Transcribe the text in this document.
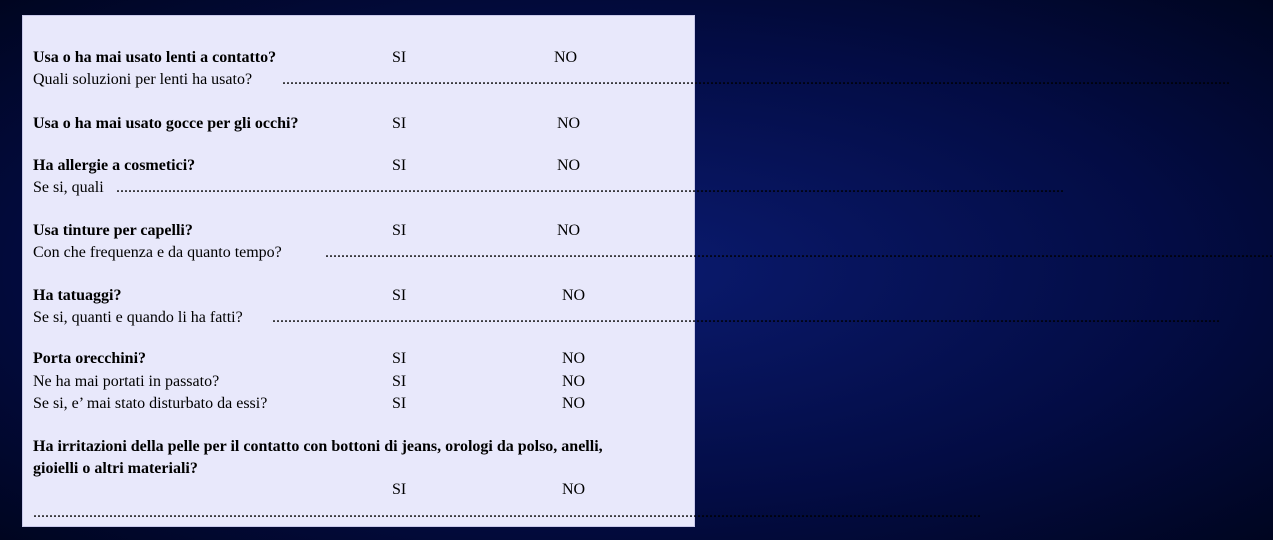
Usa o ha mai usato lenti a contatto?	SI	NO
Quali soluzioni per lenti ha usato? .............................................................................................................................................................................................................................................
Usa o ha mai usato gocce per gli occhi?	SI	NO
Ha allergie a cosmetici?	SI	NO
Se si, quali .............................................................................................................................................................................................................................................
Usa tinture per capelli?	SI	NO
Con che frequenza e da quanto tempo?	.............................................................................................................................................................................................................................................
Ha tatuaggi?	SI	NO
Se si, quanti e quando li ha fatti? .............................................................................................................................................................................................................................................
Porta orecchini?	SI	NO
Ne ha mai portati in passato?	SI	NO
Se si, e’ mai stato disturbato da essi?	SI	NO
Ha irritazioni della pelle per il contatto con bottoni di jeans, orologi da polso, anelli,
gioielli o altri materiali?
SI	NO
.............................................................................................................................................................................................................................................
